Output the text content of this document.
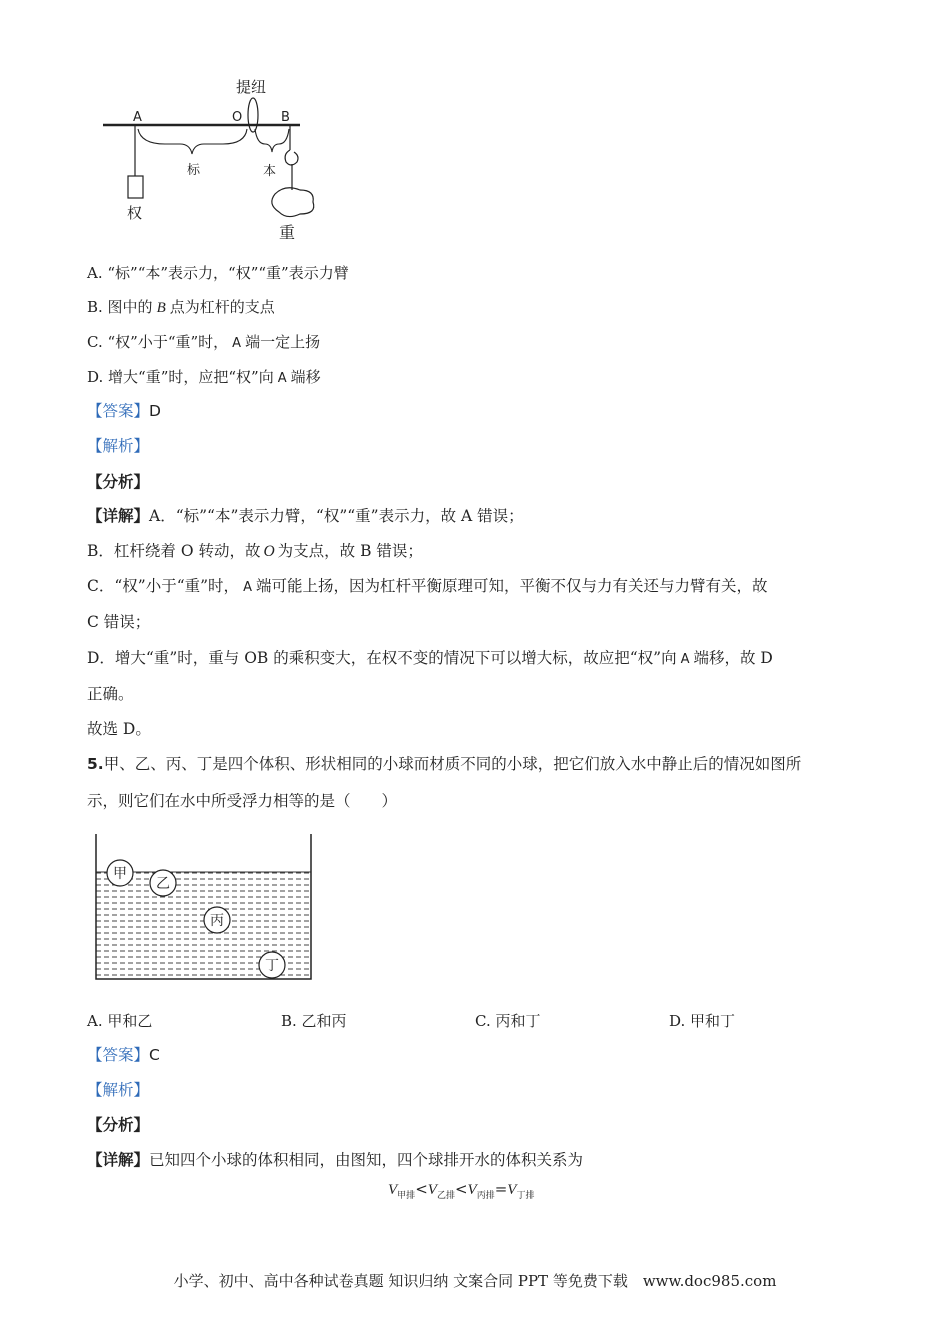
A	O	B
提纽
权
标	本
重
A. “标”“本”表示力，“权”“重”表示力臂
B. 图中的 B 点为杠杆的支点
C. “权”小于“重”时， A 端一定上扬
D. 增大“重”时，应把“权”向 A 端移
【答案】D
【解析】
【分析】
【详解】A．“标”“本”表示力臂，“权”“重”表示力，故 A 错误；
B．杠杆绕着 O 转动，故 O 为支点，故 B 错误；
C．“权”小于“重”时， A 端可能上扬，因为杠杆平衡原理可知，平衡不仅与力有关还与力臂有关，故
C 错误；
D．增大“重”时，重与 OB 的乘积变大，在权不变的情况下可以增大标，故应把“权”向 A 端移，故 D
正确。
故选 D。
5.甲、乙、丙、丁是四个体积、形状相同的小球而材质不同的小球，把它们放入水中静止后的情况如图所
示，则它们在水中所受浮力相等的是（　　）
甲
乙
丙
丁
A. 甲和乙	B. 乙和丙	C. 丙和丁	D. 甲和丁
【答案】C
【解析】
【分析】
【详解】已知四个小球的体积相同，由图知，四个球排开水的体积关系为
$V_{甲排}<V_{乙排}<V_{丙排}=V_{丁排}$
小学、初中、高中各种试卷真题 知识归纳 文案合同 PPT 等免费下载　www.doc985.com
